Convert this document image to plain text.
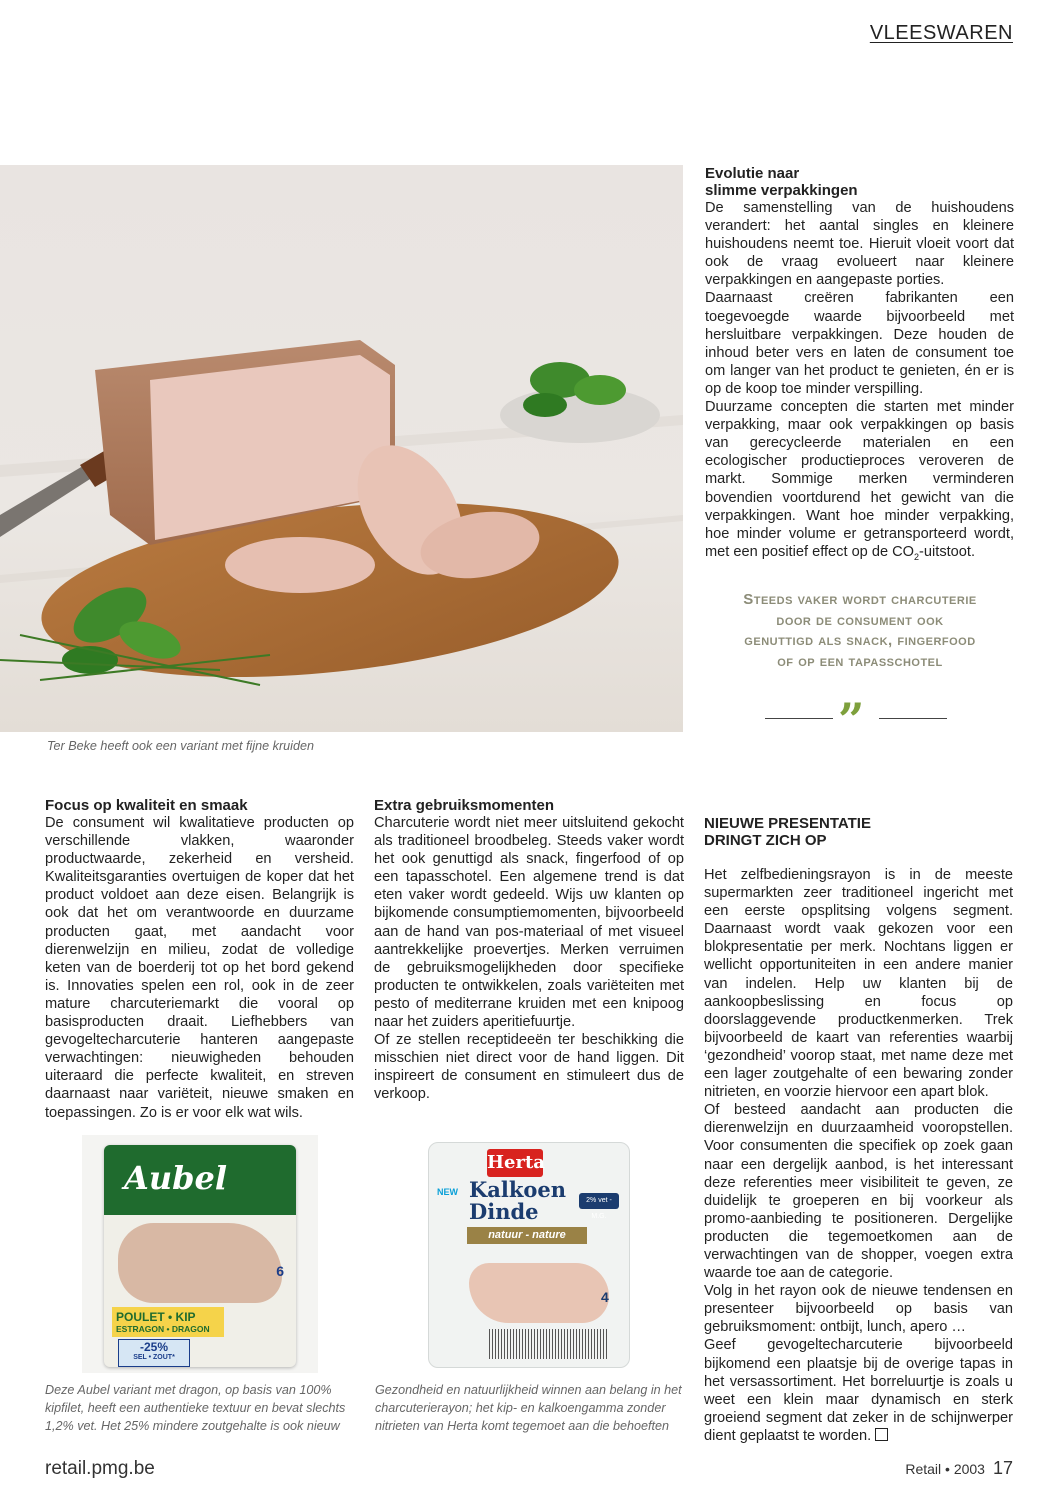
VLEESWAREN
Ter Beke heeft ook een variant met fijne kruiden

Evolutie naar

slimme verpakkingen

De samenstelling van de huishoudens verandert: het aantal singles en kleinere huishoudens neemt toe. Hieruit vloeit voort dat ook de vraag evolueert naar kleinere verpakkingen en aangepaste porties.

Daarnaast creëren fabrikanten een toegevoegde waarde bijvoorbeeld met hersluitbare verpakkingen. Deze houden de inhoud beter vers en laten de consument toe om langer van het product te genieten, én er is op de koop toe minder verspilling.

Duurzame concepten die starten met minder verpakking, maar ook verpakkingen op basis van gerecycleerde materialen en een ecologischer productieproces veroveren de markt. Sommige merken verminderen bovendien voortdurend het gewicht van die verpakkingen. Want hoe minder verpakking, hoe minder volume er getransporteerd wordt, met een positief effect op de $CO_2$-uitstoot.

Steeds vaker wordt charcuterie
door de consument ook
genuttigd als snack, fingerfood
of op een tapasschotel
”

Focus op kwaliteit en smaak

De consument wil kwalitatieve producten op verschillende vlakken, waaronder productwaarde, zekerheid en versheid. Kwaliteitsgaranties overtuigen de koper dat het product voldoet aan deze eisen. Belangrijk is ook dat het om verantwoorde en duurzame producten gaat, met aandacht voor dierenwelzijn en milieu, zodat de volledige keten van de boerderij tot op het bord gekend is. Innovaties spelen een rol, ook in de zeer mature charcuteriemarkt die vooral op basisproducten draait. Liefhebbers van gevogeltecharcuterie hanteren aangepaste verwachtingen: nieuwigheden behouden uiteraard die perfecte kwaliteit, en streven daarnaast naar variëteit, nieuwe smaken en toepassingen. Zo is er voor elk wat wils.

Aubel
6
POULET • KIP
ESTRAGON • DRAGON
-25%
SEL • ZOUT*
Deze Aubel variant met dragon, op basis van 100% kipfilet, heeft een authentieke textuur en bevat slechts 1,2% vet. Het 25% mindere zoutgehalte is ook nieuw

Extra gebruiksmomenten

Charcuterie wordt niet meer uitsluitend gekocht als traditioneel broodbeleg. Steeds vaker wordt het ook genuttigd als snack, fingerfood of op een tapasschotel. Een algemene trend is dat eten vaker wordt gedeeld. Wijs uw klanten op bijkomende consumptiemomenten, bijvoorbeeld aan de hand van pos-materiaal of met visueel aantrekkelijke proevertjes. Merken verruimen de gebruiksmogelijkheden door specifieke producten te ontwikkelen, zoals variëteiten met pesto of mediterrane kruiden met een knipoog naar het zuiders aperitiefuurtje.

Of ze stellen receptideeën ter beschikking die misschien niet direct voor de hand liggen. Dit inspireert de consument en stimuleert dus de verkoop.

Herta
NEW Kalkoen
Dinde	2% vet - M.G.
natuur - nature
4
Gezondheid en natuurlijkheid winnen aan belang in het charcuterierayon; het kip- en kalkoengamma zonder nitrieten van Herta komt tegemoet aan die behoeften

NIEUWE PRESENTATIE

DRINGT ZICH OP

Het zelfbedieningsrayon is in de meeste supermarkten zeer traditioneel ingericht met een eerste opsplitsing volgens segment. Daarnaast wordt vaak gekozen voor een blokpresentatie per merk. Nochtans liggen er wellicht opportuniteiten in een andere manier van indelen. Help uw klanten bij de aankoopbeslissing en focus op doorslaggevende productkenmerken. Trek bijvoorbeeld de kaart van referenties waarbij ‘gezondheid’ voorop staat, met name deze met een lager zoutgehalte of een bewaring zonder nitrieten, en voorzie hiervoor een apart blok.

Of besteed aandacht aan producten die dierenwelzijn en duurzaamheid vooropstellen. Voor consumenten die specifiek op zoek gaan naar een dergelijk aanbod, is het interessant deze referenties meer visibiliteit te geven, ze duidelijk te groeperen en bij voorkeur als promo-aanbieding te positioneren. Dergelijke producten die tegemoetkomen aan de verwachtingen van de shopper, voegen extra waarde toe aan de categorie.

Volg in het rayon ook de nieuwe tendensen en presenteer bijvoorbeeld op basis van gebruiksmoment: ontbijt, lunch, apero …

Geef gevogeltecharcuterie bijvoorbeeld bijkomend een plaatsje bij de overige tapas in het versassortiment. Het borreluurtje is zoals u weet een klein maar dynamisch en sterk groeiend segment dat zeker in de schijnwerper dient geplaatst te worden.

retail.pmg.be	Retail • 2003 17
